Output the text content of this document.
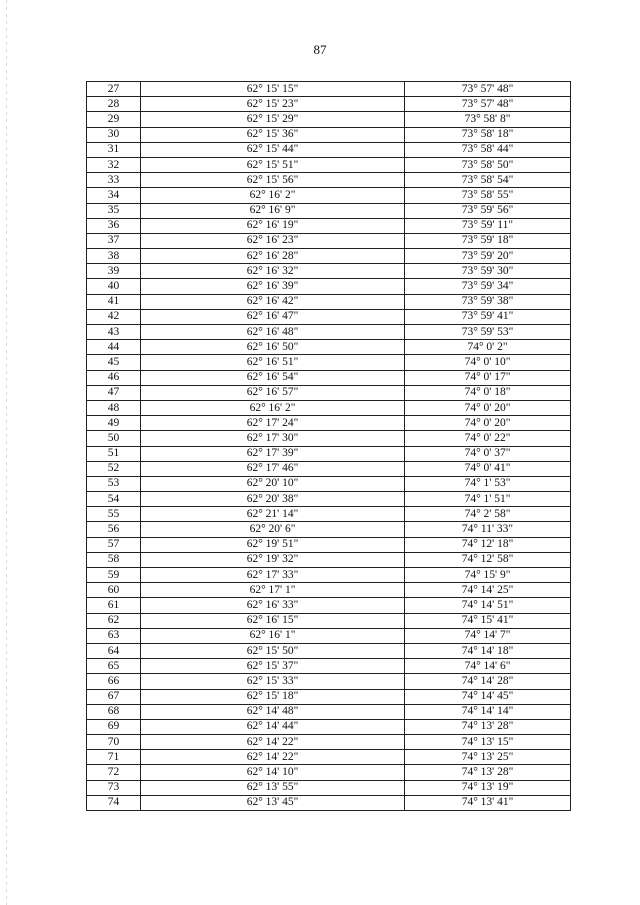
87
27	62° 15' 15"	73° 57' 48"
28	62° 15' 23"	73° 57' 48"
29	62° 15' 29"	73° 58' 8"
30	62° 15' 36"	73° 58' 18"
31	62° 15' 44"	73° 58' 44"
32	62° 15' 51"	73° 58' 50"
33	62° 15' 56"	73° 58' 54"
34	62° 16' 2"	73° 58' 55"
35	62° 16' 9"	73° 59' 56"
36	62° 16' 19"	73° 59' 11"
37	62° 16' 23"	73° 59' 18"
38	62° 16' 28"	73° 59' 20"
39	62° 16' 32"	73° 59' 30"
40	62° 16' 39"	73° 59' 34"
41	62° 16' 42"	73° 59' 38"
42	62° 16' 47"	73° 59' 41"
43	62° 16' 48"	73° 59' 53"
44	62° 16' 50"	74° 0' 2"
45	62° 16' 51"	74° 0' 10"
46	62° 16' 54"	74° 0' 17"
47	62° 16' 57"	74° 0' 18"
48	62° 16' 2"	74° 0' 20"
49	62° 17' 24"	74° 0' 20"
50	62° 17' 30"	74° 0' 22"
51	62° 17' 39"	74° 0' 37"
52	62° 17' 46"	74° 0' 41"
53	62° 20' 10"	74° 1' 53"
54	62° 20' 38"	74° 1' 51"
55	62° 21' 14"	74° 2' 58"
56	62° 20' 6"	74° 11' 33"
57	62° 19' 51"	74° 12' 18"
58	62° 19' 32"	74° 12' 58"
59	62° 17' 33"	74° 15' 9"
60	62° 17' 1"	74° 14' 25"
61	62° 16' 33"	74° 14' 51"
62	62° 16' 15"	74° 15' 41"
63	62° 16' 1"	74° 14' 7"
64	62° 15' 50"	74° 14' 18"
65	62° 15' 37"	74° 14' 6"
66	62° 15' 33"	74° 14' 28"
67	62° 15' 18"	74° 14' 45"
68	62° 14' 48"	74° 14' 14"
69	62° 14' 44"	74° 13' 28"
70	62° 14' 22"	74° 13' 15"
71	62° 14' 22"	74° 13' 25"
72	62° 14' 10"	74° 13' 28"
73	62° 13' 55"	74° 13' 19"
74	62° 13' 45"	74° 13' 41"
